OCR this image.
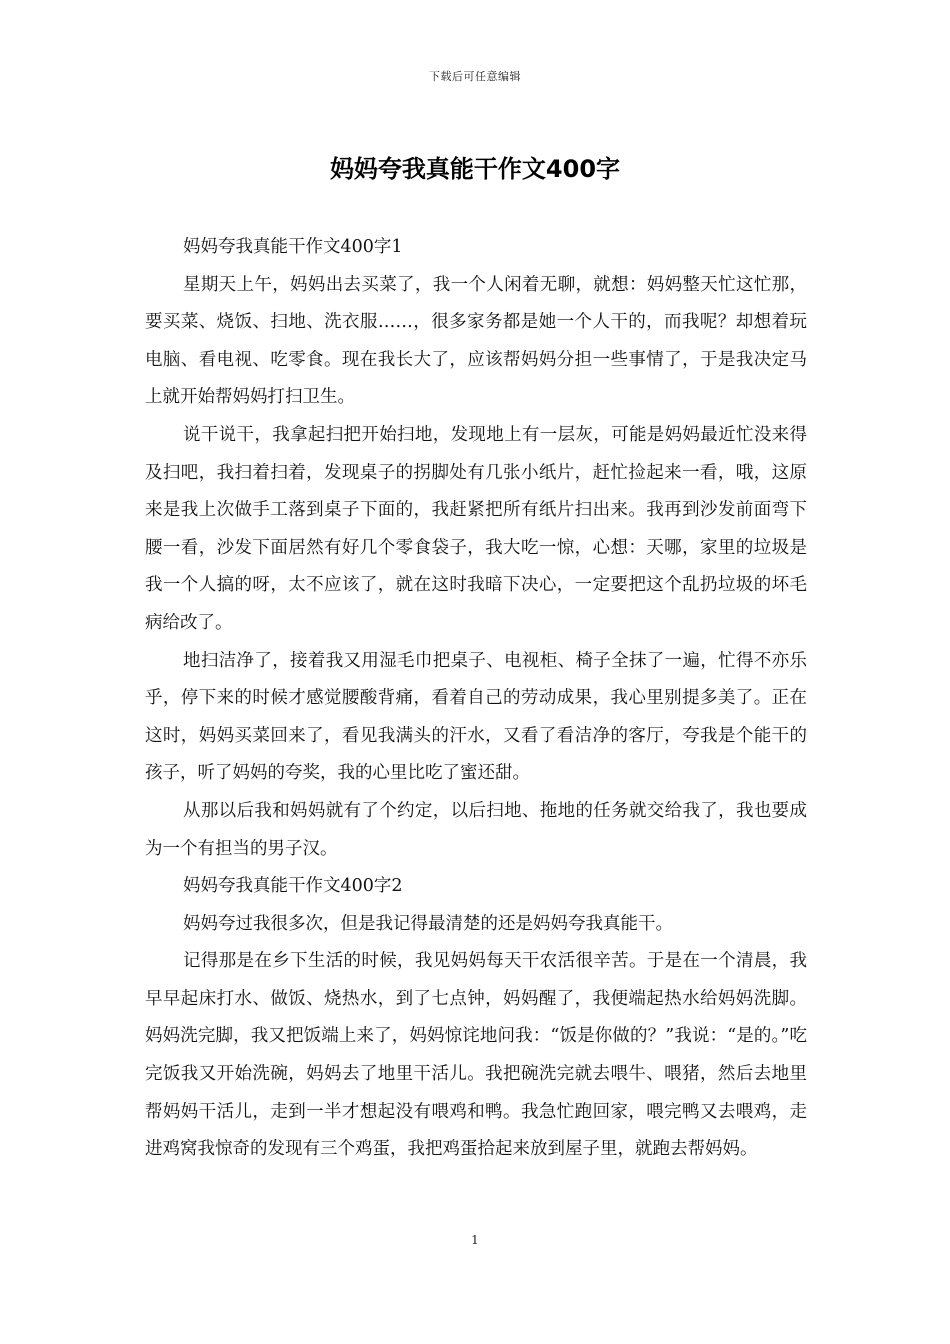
下载后可任意编辑
妈妈夸我真能干作文400字

妈妈夸我真能干作文400字1

星期天上午，妈妈出去买菜了，我一个人闲着无聊，就想：妈妈整天忙这忙那，要买菜、烧饭、扫地、洗衣服……，很多家务都是她一个人干的，而我呢？却想着玩电脑、看电视、吃零食。现在我长大了，应该帮妈妈分担一些事情了，于是我决定马上就开始帮妈妈打扫卫生。

说干说干，我拿起扫把开始扫地，发现地上有一层灰，可能是妈妈最近忙没来得及扫吧，我扫着扫着，发现桌子的拐脚处有几张小纸片，赶忙捡起来一看，哦，这原来是我上次做手工落到桌子下面的，我赶紧把所有纸片扫出来。我再到沙发前面弯下腰一看，沙发下面居然有好几个零食袋子，我大吃一惊，心想：天哪，家里的垃圾是我一个人搞的呀，太不应该了，就在这时我暗下决心，一定要把这个乱扔垃圾的坏毛病给改了。

地扫洁净了，接着我又用湿毛巾把桌子、电视柜、椅子全抹了一遍，忙得不亦乐乎，停下来的时候才感觉腰酸背痛，看着自己的劳动成果，我心里别提多美了。正在这时，妈妈买菜回来了，看见我满头的汗水，又看了看洁净的客厅，夸我是个能干的孩子，听了妈妈的夸奖，我的心里比吃了蜜还甜。

从那以后我和妈妈就有了个约定，以后扫地、拖地的任务就交给我了，我也要成为一个有担当的男子汉。

妈妈夸我真能干作文400字2

妈妈夸过我很多次，但是我记得最清楚的还是妈妈夸我真能干。

记得那是在乡下生活的时候，我见妈妈每天干农活很辛苦。于是在一个清晨，我早早起床打水、做饭、烧热水，到了七点钟，妈妈醒了，我便端起热水给妈妈洗脚。妈妈洗完脚，我又把饭端上来了，妈妈惊诧地问我：“饭是你做的？”我说：“是的。”吃完饭我又开始洗碗，妈妈去了地里干活儿。我把碗洗完就去喂牛、喂猪，然后去地里帮妈妈干活儿，走到一半才想起没有喂鸡和鸭。我急忙跑回家，喂完鸭又去喂鸡，走进鸡窝我惊奇的发现有三个鸡蛋，我把鸡蛋拾起来放到屋子里，就跑去帮妈妈。

1
